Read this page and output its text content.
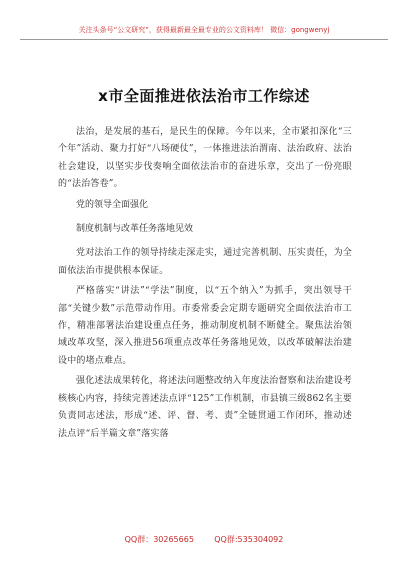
关注头条号“公文研究”，获得最新最全最专业的公文资料库！ 微信：gongwenyj
x市全面推进依法治市工作综述

法治，是发展的基石，是民生的保障。今年以来，全市紧扣深化“三个年”活动、聚力打好“八场硬仗”，一体推进法治渭南、法治政府、法治社会建设，以坚实步伐奏响全面依法治市的奋进乐章，交出了一份亮眼的“法治答卷”。

党的领导全面强化

制度机制与改革任务落地见效

党对法治工作的领导持续走深走实，通过完善机制、压实责任，为全面依法治市提供根本保证。

严格落实“讲法”“学法”制度，以“五个纳入”为抓手，突出领导干部“关键少数”示范带动作用。市委常委会定期专题研究全面依法治市工作，精准部署法治建设重点任务，推动制度机制不断健全。聚焦法治领域改革攻坚，深入推进56项重点改革任务落地见效，以改革破解法治建设中的堵点难点。

强化述法成果转化，将述法问题整改纳入年度法治督察和法治建设考核核心内容，持续完善述法点评“125”工作机制，市县镇三级862名主要负责同志述法，形成“述、评、督、考、责”全链贯通工作闭环，推动述法点评“后半篇文章”落实落

QQ群：30265665        QQ群:535304092
